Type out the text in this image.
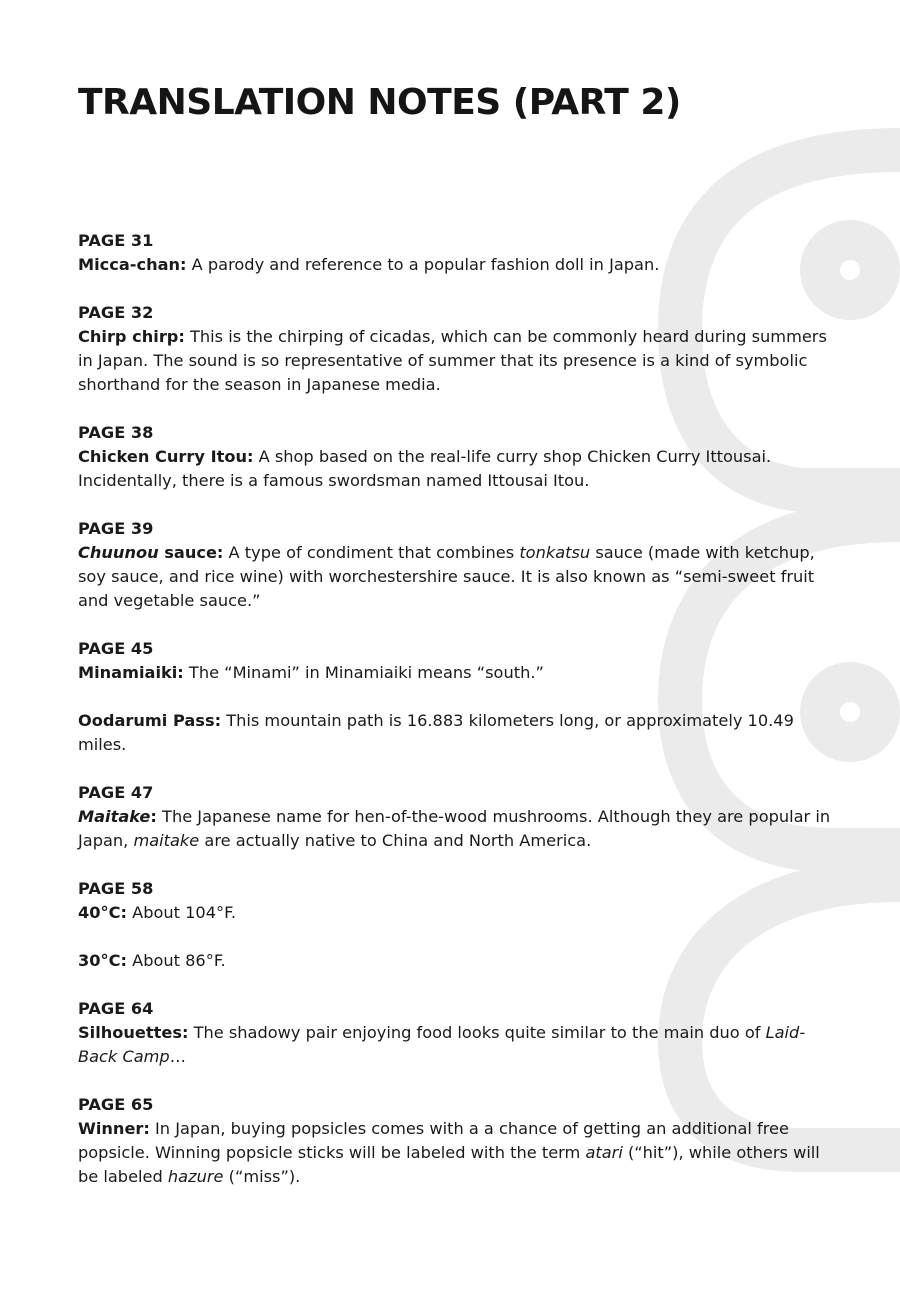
TRANSLATION NOTES (PART 2)
PAGE 31

Micca-chan: A parody and reference to a popular fashion doll in Japan.

PAGE 32

Chirp chirp: This is the chirping of cicadas, which can be commonly heard during summers in Japan. The sound is so representative of summer that its presence is a kind of symbolic shorthand for the season in Japanese media.

PAGE 38

Chicken Curry Itou: A shop based on the real-life curry shop Chicken Curry Ittousai. Incidentally, there is a famous swordsman named Ittousai Itou.

PAGE 39

Chuunou sauce: A type of condiment that combines tonkatsu sauce (made with ketchup, soy sauce, and rice wine) with worchestershire sauce. It is also known as “semi-sweet fruit and vegetable sauce.”

PAGE 45

Minamiaiki: The “Minami” in Minamiaiki means “south.”

Oodarumi Pass: This mountain path is 16.883 kilometers long, or approximately 10.49 miles.

PAGE 47

Maitake: The Japanese name for hen-of-the-wood mushrooms. Although they are popular in Japan, maitake are actually native to China and North America.

PAGE 58

40°C: About 104°F.

30°C: About 86°F.

PAGE 64

Silhouettes: The shadowy pair enjoying food looks quite similar to the main duo of Laid-Back Camp…

PAGE 65

Winner: In Japan, buying popsicles comes with a a chance of getting an additional free popsicle. Winning popsicle sticks will be labeled with the term atari (“hit”), while others will be labeled hazure (“miss”).
